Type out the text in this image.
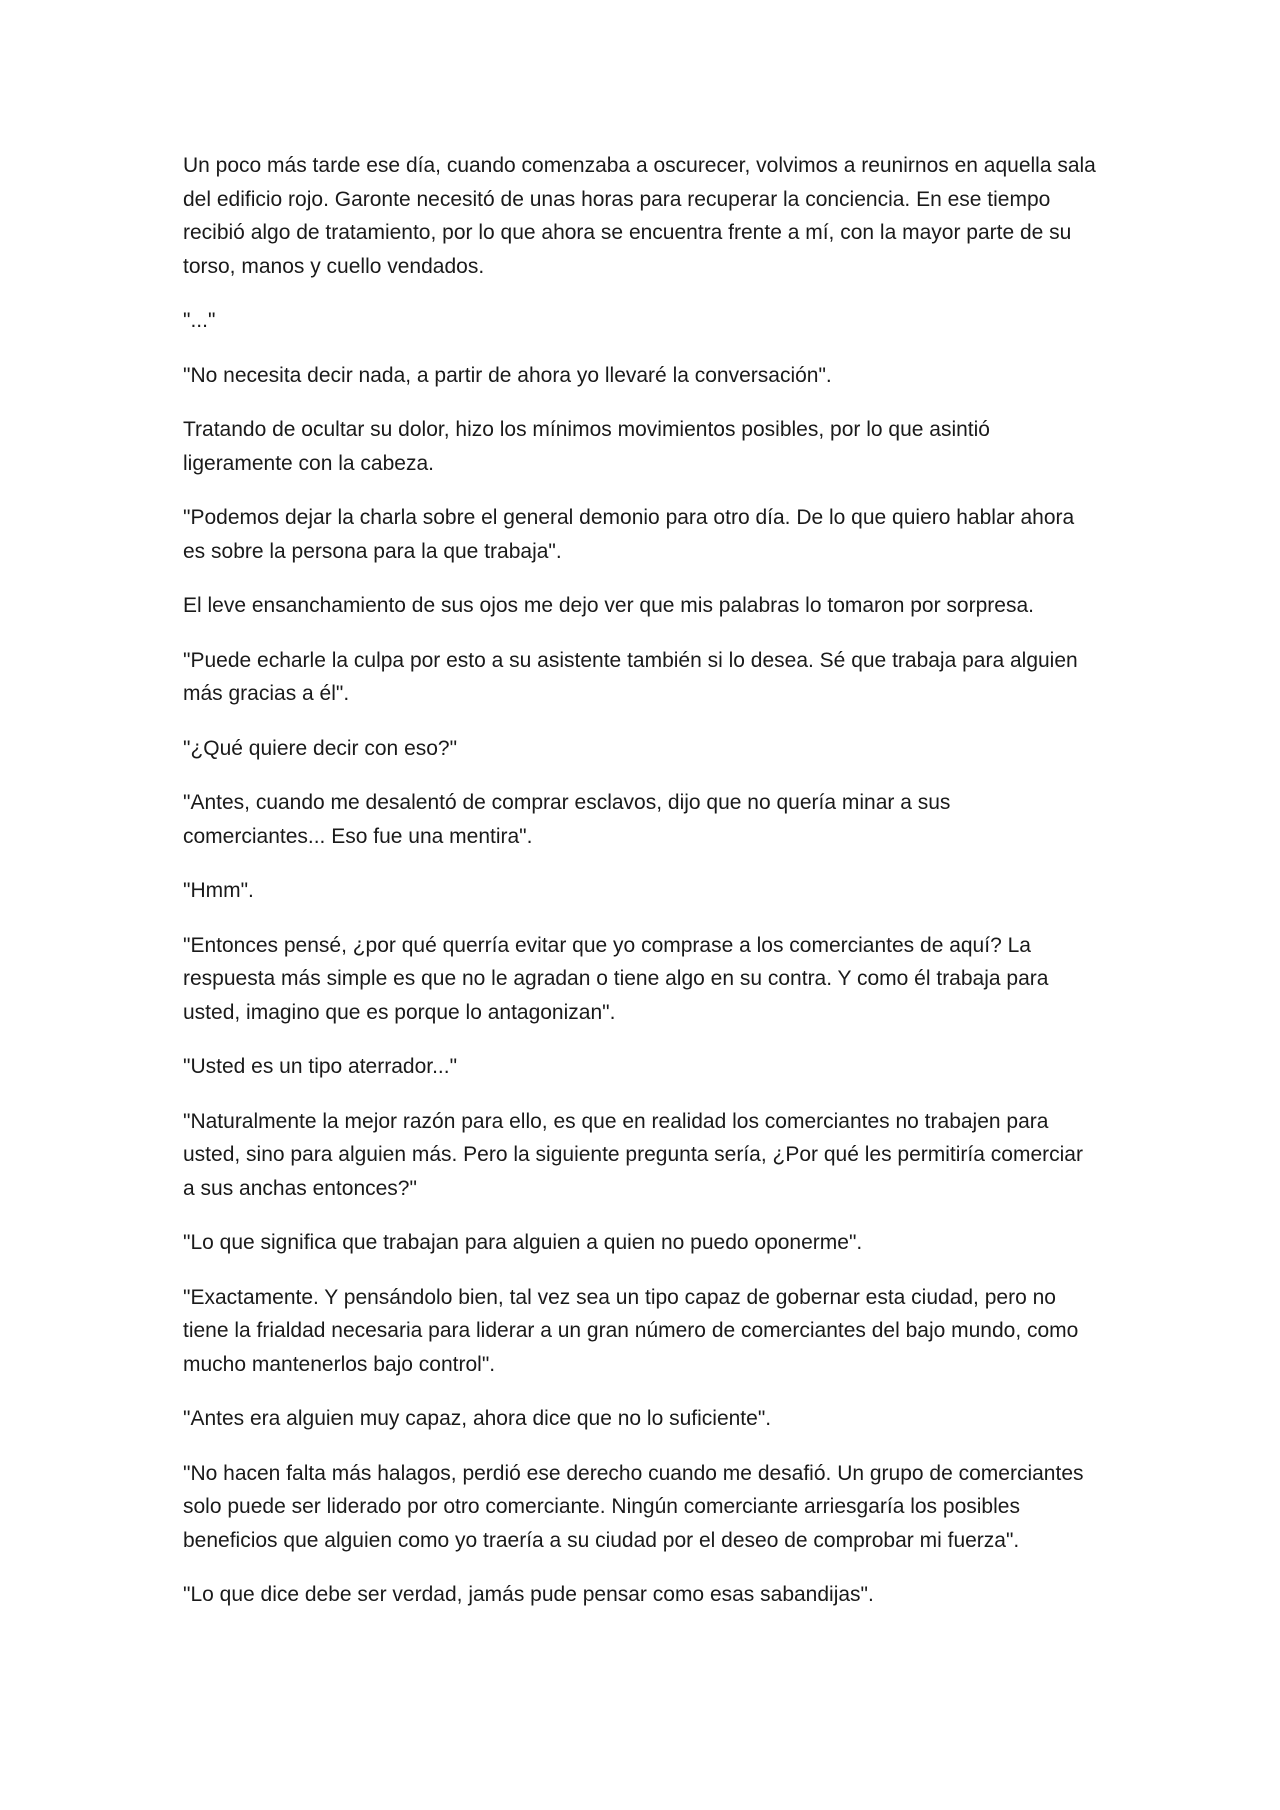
Un poco más tarde ese día, cuando comenzaba a oscurecer, volvimos a reunirnos en aquella sala del edificio rojo. Garonte necesitó de unas horas para recuperar la conciencia. En ese tiempo recibió algo de tratamiento, por lo que ahora se encuentra frente a mí, con la mayor parte de su torso, manos y cuello vendados.

"..."

"No necesita decir nada, a partir de ahora yo llevaré la conversación".

Tratando de ocultar su dolor, hizo los mínimos movimientos posibles, por lo que asintió ligeramente con la cabeza.

"Podemos dejar la charla sobre el general demonio para otro día. De lo que quiero hablar ahora es sobre la persona para la que trabaja".

El leve ensanchamiento de sus ojos me dejo ver que mis palabras lo tomaron por sorpresa.

"Puede echarle la culpa por esto a su asistente también si lo desea. Sé que trabaja para alguien más gracias a él".

"¿Qué quiere decir con eso?"

"Antes, cuando me desalentó de comprar esclavos, dijo que no quería minar a sus comerciantes... Eso fue una mentira".

"Hmm".

"Entonces pensé, ¿por qué querría evitar que yo comprase a los comerciantes de aquí? La respuesta más simple es que no le agradan o tiene algo en su contra. Y como él trabaja para usted, imagino que es porque lo antagonizan".

"Usted es un tipo aterrador..."

"Naturalmente la mejor razón para ello, es que en realidad los comerciantes no trabajen para usted, sino para alguien más. Pero la siguiente pregunta sería, ¿Por qué les permitiría comerciar a sus anchas entonces?"

"Lo que significa que trabajan para alguien a quien no puedo oponerme".

"Exactamente. Y pensándolo bien, tal vez sea un tipo capaz de gobernar esta ciudad, pero no tiene la frialdad necesaria para liderar a un gran número de comerciantes del bajo mundo, como mucho mantenerlos bajo control".

"Antes era alguien muy capaz, ahora dice que no lo suficiente".

"No hacen falta más halagos, perdió ese derecho cuando me desafió. Un grupo de comerciantes solo puede ser liderado por otro comerciante. Ningún comerciante arriesgaría los posibles beneficios que alguien como yo traería a su ciudad por el deseo de comprobar mi fuerza".

"Lo que dice debe ser verdad, jamás pude pensar como esas sabandijas".
